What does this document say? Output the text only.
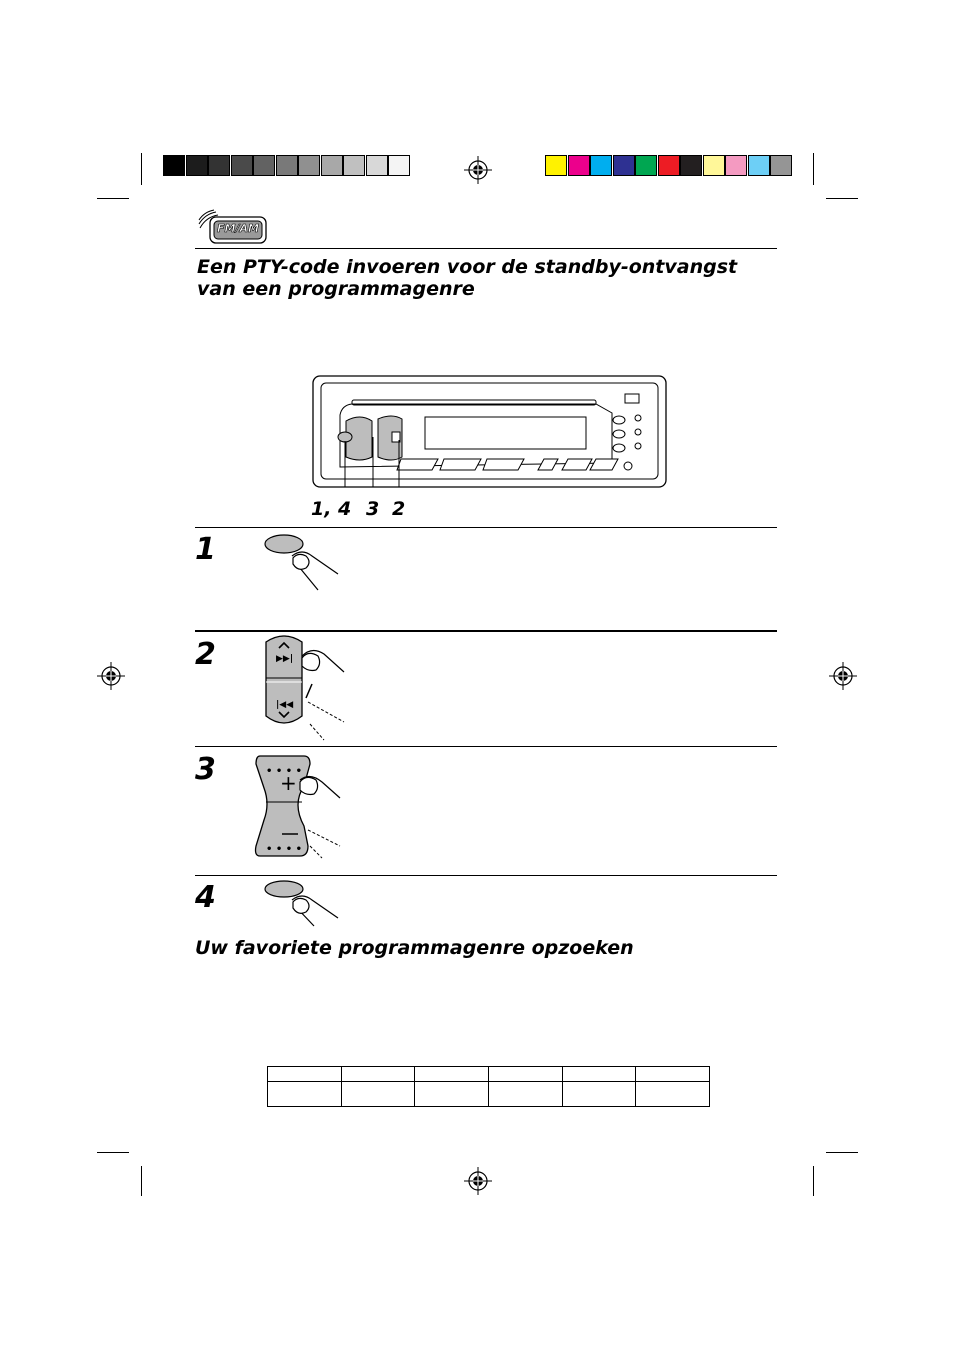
FM/AM
Een PTY-code invoeren voor de standby-ontvangst van een programmagenre
1, 4 3 2
1
2
3
4
▶▶|
|◀◀
• • • •
+
• • • •
Uw favoriete programmagenre opzoeken
